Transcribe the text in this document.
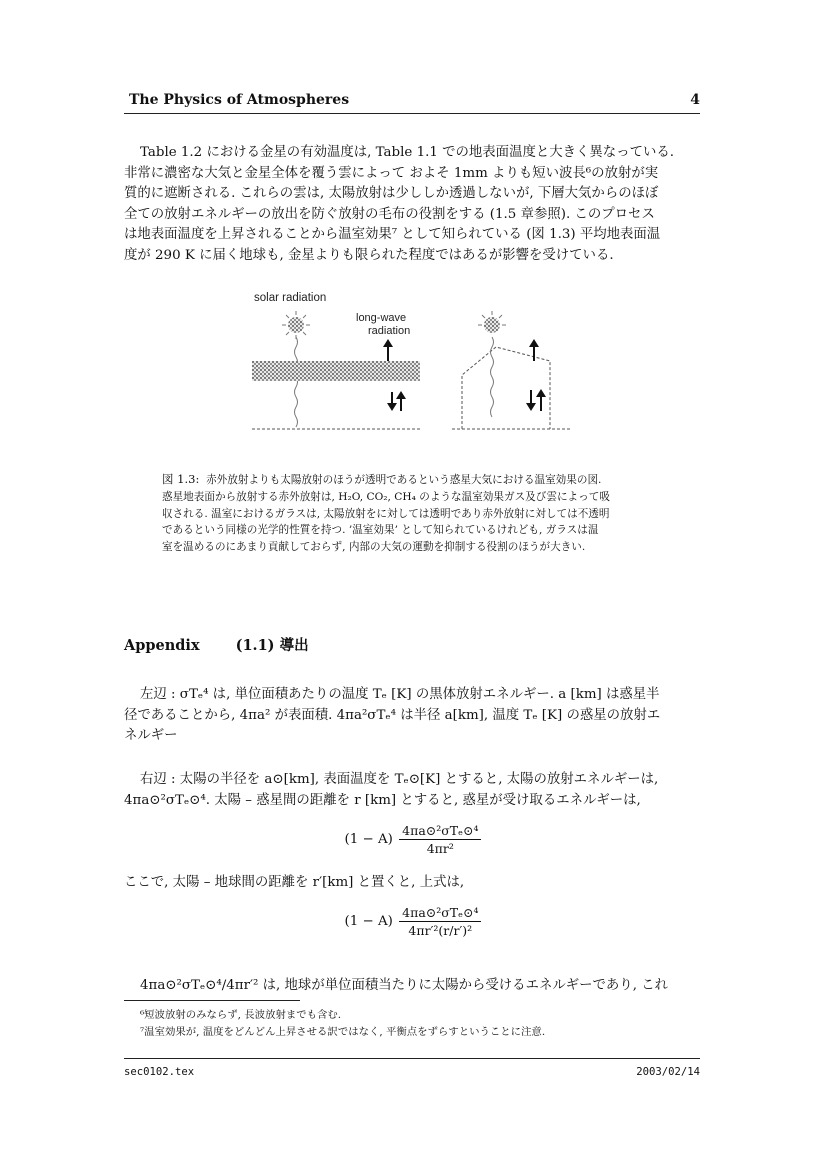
The Physics of Atmospheres	4
Table 1.2 における金星の有効温度は, Table 1.1 での地表面温度と大きく異なっている.
非常に濃密な大気と金星全体を覆う雲によって およそ 1mm よりも短い波長⁶の放射が実
質的に遮断される. これらの雲は, 太陽放射は少ししか透過しないが, 下層大気からのほぼ
全ての放射エネルギーの放出を防ぐ放射の毛布の役割をする (1.5 章参照). このプロセス
は地表面温度を上昇されることから温室効果⁷ として知られている (図 1.3) 平均地表面温
度が 290 K に届く地球も, 金星よりも限られた程度ではあるが影響を受けている.
solar radiation
long-wave
radiation
図 1.3: 赤外放射よりも太陽放射のほうが透明であるという惑星大気における温室効果の図.
惑星地表面から放射する赤外放射は, H₂O, CO₂, CH₄ のような温室効果ガス及び雲によって吸
収される. 温室におけるガラスは, 太陽放射をに対しては透明であり赤外放射に対しては不透明
であるという同様の光学的性質を持つ. ’温室効果’ として知られているけれども, ガラスは温
室を温めるのにあまり貢献しておらず, 内部の大気の運動を抑制する役割のほうが大きい.
Appendix (1.1) 導出
左辺 : σTₑ⁴ は, 単位面積あたりの温度 Tₑ [K] の黒体放射エネルギー. a [km] は惑星半
径であることから, 4πa² が表面積. 4πa²σTₑ⁴ は半径 a[km], 温度 Tₑ [K] の惑星の放射エ
ネルギー
右辺 : 太陽の半径を a⊙[km], 表面温度を Tₑ⊙[K] とすると, 太陽の放射エネルギーは,
4πa⊙²σTₑ⊙⁴. 太陽 – 惑星間の距離を r [km] とすると, 惑星が受け取るエネルギーは,
$(1 - A) \frac{\text{4πa⊙²σTₑ⊙⁴}}{\text{4πr²}}$
ここで, 太陽 – 地球間の距離を r′[km] と置くと, 上式は,
$(1 - A) \frac{\text{4πa⊙²σTₑ⊙⁴}}{\text{4πr′²(r/r′)²}}$
4πa⊙²σTₑ⊙⁴/4πr′² は, 地球が単位面積当たりに太陽から受けるエネルギーであり, これ
⁶短波放射のみならず, 長波放射までも含む.
⁷温室効果が, 温度をどんどん上昇させる訳ではなく, 平衡点をずらすということに注意.
sec0102.tex	2003/02/14
